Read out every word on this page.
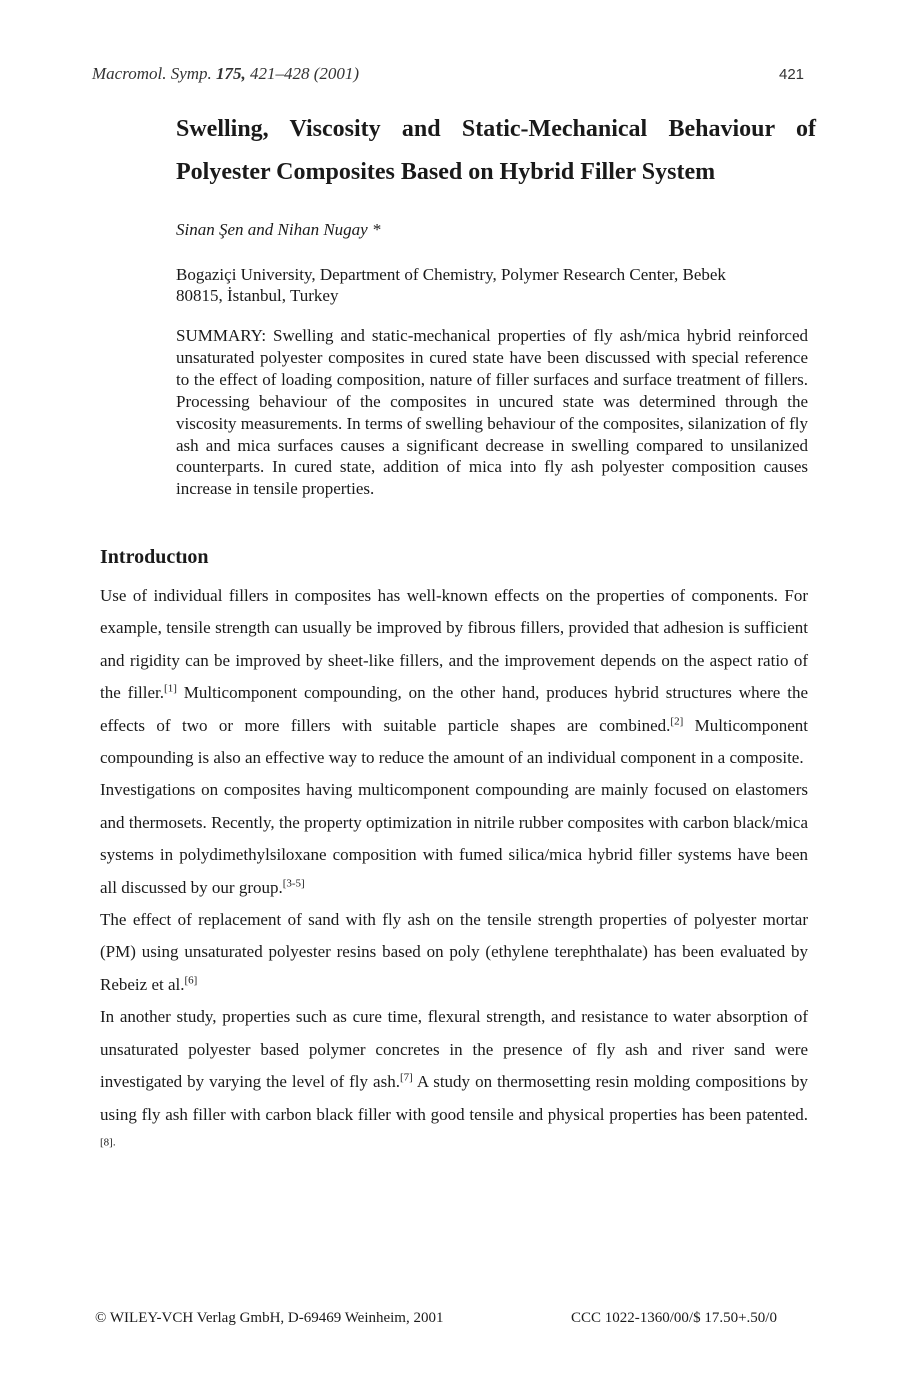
Macromol. Symp. 175, 421–428 (2001)	421
Swelling, Viscosity and Static-Mechanical Behaviour of
Polyester Composites Based on Hybrid Filler System
Sinan Şen and Nihan Nugay *
Bogaziçi University, Department of Chemistry, Polymer Research Center, Bebek
80815, İstanbul, Turkey

SUMMARY: Swelling and static-mechanical properties of fly ash/mica hybrid reinforced unsaturated polyester composites in cured state have been discussed with special reference to the effect of loading composition, nature of filler surfaces and surface treatment of fillers. Processing behaviour of the composites in uncured state was determined through the viscosity measurements. In terms of swelling behaviour of the composites, silanization of fly ash and mica surfaces causes a significant decrease in swelling compared to unsilanized counterparts. In cured state, addition of mica into fly ash polyester composition causes increase in tensile properties.

Introductıon

Use of individual fillers in composites has well-known effects on the properties of components. For example, tensile strength can usually be improved by fibrous fillers, provided that adhesion is sufficient and rigidity can be improved by sheet-like fillers, and the improvement depends on the aspect ratio of the filler.[1] Multicomponent compounding, on the other hand, produces hybrid structures where the effects of two or more fillers with suitable particle shapes are combined.[2] Multicomponent compounding is also an effective way to reduce the amount of an individual component in a composite.

Investigations on composites having multicomponent compounding are mainly focused on elastomers and thermosets. Recently, the property optimization in nitrile rubber composites with carbon black/mica systems in polydimethylsiloxane composition with fumed silica/mica hybrid filler systems have been all discussed by our group.[3-5]

The effect of replacement of sand with fly ash on the tensile strength properties of polyester mortar (PM) using unsaturated polyester resins based on poly (ethylene terephthalate) has been evaluated by Rebeiz et al.[6]

In another study, properties such as cure time, flexural strength, and resistance to water absorption of unsaturated polyester based polymer concretes in the presence of fly ash and river sand were investigated by varying the level of fly ash.[7] A study on thermosetting resin molding compositions by using fly ash filler with carbon black filler with good tensile and physical properties has been patented.$^{[8].}$

© WILEY-VCH Verlag GmbH, D-69469 Weinheim, 2001	CCC 1022-1360/00/$ 17.50+.50/0
